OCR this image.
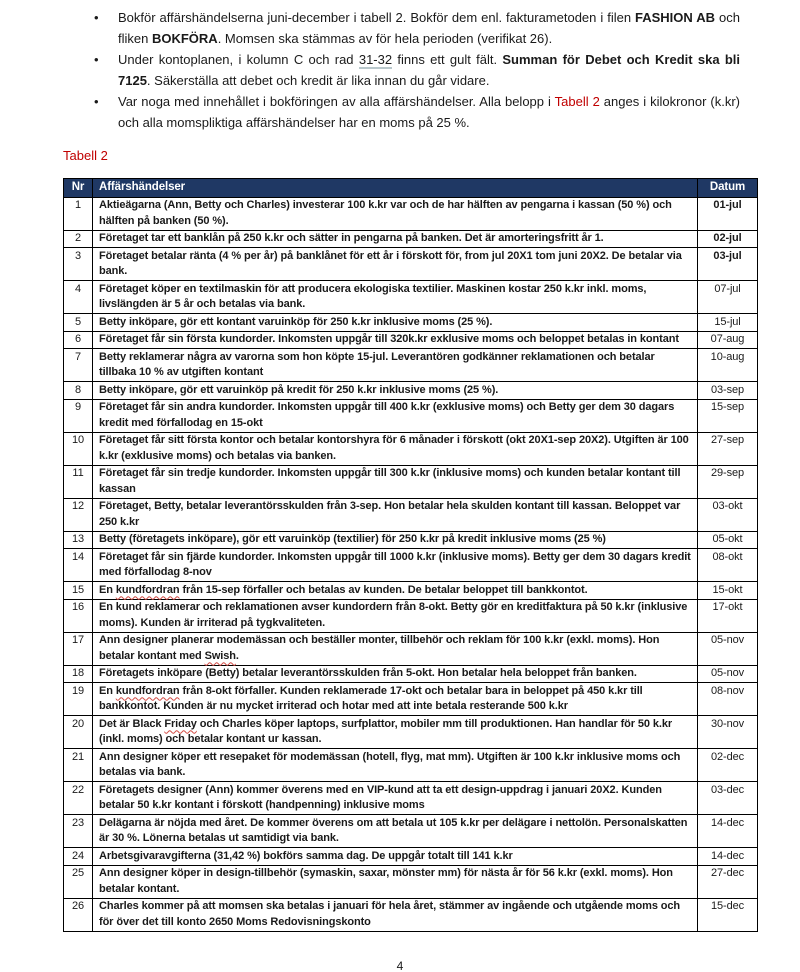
• Bokför affärshändelserna juni-december i tabell 2. Bokför dem enl. fakturametoden i filen FASHION AB och fliken BOKFÖRA. Momsen ska stämmas av för hela perioden (verifikat 26).
• Under kontoplanen, i kolumn C och rad 31-32 finns ett gult fält. Summan för Debet och Kredit ska bli 7125. Säkerställa att debet och kredit är lika innan du går vidare.
• Var noga med innehållet i bokföringen av alla affärshändelser. Alla belopp i Tabell 2 anges i kilokronor (k.kr) och alla momspliktiga affärshändelser har en moms på 25 %.
Tabell 2
Nr	Affärshändelser	Datum
1	Aktieägarna (Ann, Betty och Charles) investerar 100 k.kr var och de har hälften av pengarna i kassan (50 %) och hälften på banken (50 %).	01-jul
2	Företaget tar ett banklån på 250 k.kr och sätter in pengarna på banken. Det är amorteringsfritt år 1.	02-jul
3	Företaget betalar ränta (4 % per år) på banklånet för ett år i förskott för, from jul 20X1 tom juni 20X2. De betalar via bank.	03-jul
4	Företaget köper en textilmaskin för att producera ekologiska textilier. Maskinen kostar 250 k.kr inkl. moms, livslängden är 5 år och betalas via bank.	07-jul
5	Betty inköpare, gör ett kontant varuinköp för 250 k.kr inklusive moms (25 %).	15-jul
6	Företaget får sin första kundorder. Inkomsten uppgår till 320k.kr exklusive moms och beloppet betalas in kontant	07-aug
7	Betty reklamerar några av varorna som hon köpte 15-jul. Leverantören godkänner reklamationen och betalar tillbaka 10 % av utgiften kontant	10-aug
8	Betty inköpare, gör ett varuinköp på kredit för 250 k.kr inklusive moms (25 %).	03-sep
9	Företaget får sin andra kundorder. Inkomsten uppgår till 400 k.kr (exklusive moms) och Betty ger dem 30 dagars kredit med förfallodag en 15-okt	15-sep
10	Företaget får sitt första kontor och betalar kontorshyra för 6 månader i förskott (okt 20X1-sep 20X2). Utgiften är 100 k.kr (exklusive moms) och betalas via banken.	27-sep
11	Företaget får sin tredje kundorder. Inkomsten uppgår till 300 k.kr (inklusive moms) och kunden betalar kontant till kassan	29-sep
12	Företaget, Betty, betalar leverantörsskulden från 3-sep. Hon betalar hela skulden kontant till kassan. Beloppet var 250 k.kr	03-okt
13	Betty (företagets inköpare), gör ett varuinköp (textilier) för 250 k.kr på kredit inklusive moms (25 %)	05-okt
14	Företaget får sin fjärde kundorder. Inkomsten uppgår till 1000 k.kr (inklusive moms). Betty ger dem 30 dagars kredit med förfallodag 8-nov	08-okt
15	En kundfordran från 15-sep förfaller och betalas av kunden. De betalar beloppet till bankkontot.	15-okt
16	En kund reklamerar och reklamationen avser kundordern från 8-okt. Betty gör en kreditfaktura på 50 k.kr (inklusive moms). Kunden är irriterad på tygkvaliteten.	17-okt
17	Ann designer planerar modemässan och beställer monter, tillbehör och reklam för 100 k.kr (exkl. moms). Hon betalar kontant med Swish.	05-nov
18	Företagets inköpare (Betty) betalar leverantörsskulden från 5-okt. Hon betalar hela beloppet från banken.	05-nov
19	En kundfordran från 8-okt förfaller. Kunden reklamerade 17-okt och betalar bara in beloppet på 450 k.kr till bankkontot. Kunden är nu mycket irriterad och hotar med att inte betala resterande 500 k.kr	08-nov
20	Det är Black Friday och Charles köper laptops, surfplattor, mobiler mm till produktionen. Han handlar för 50 k.kr (inkl. moms) och betalar kontant ur kassan.	30-nov
21	Ann designer köper ett resepaket för modemässan (hotell, flyg, mat mm). Utgiften är 100 k.kr inklusive moms och betalas via bank.	02-dec
22	Företagets designer (Ann) kommer överens med en VIP-kund att ta ett design-uppdrag i januari 20X2. Kunden betalar 50 k.kr kontant i förskott (handpenning) inklusive moms	03-dec
23	Delägarna är nöjda med året. De kommer överens om att betala ut 105 k.kr per delägare i nettolön. Personalskatten är 30 %. Lönerna betalas ut samtidigt via bank.	14-dec
24	Arbetsgivaravgifterna (31,42 %) bokförs samma dag. De uppgår totalt till 141 k.kr	14-dec
25	Ann designer köper in design-tillbehör (symaskin, saxar, mönster mm) för nästa år för 56 k.kr (exkl. moms). Hon betalar kontant.	27-dec
26	Charles kommer på att momsen ska betalas i januari för hela året, stämmer av ingående och utgående moms och för över det till konto 2650 Moms Redovisningskonto	15-dec
4
